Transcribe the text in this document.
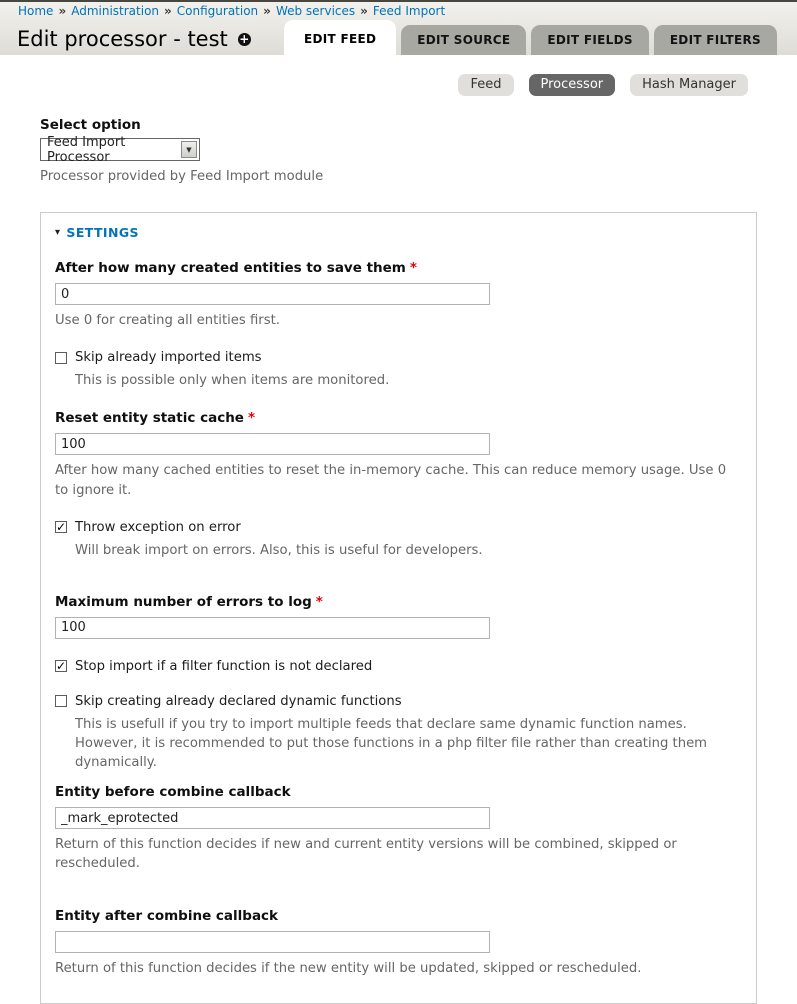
Home » Administration » Configuration » Web services » Feed Import
Edit processor - test +	EDIT FEED	EDIT SOURCE	EDIT FIELDS	EDIT FILTERS
Feed	Processor	Hash Manager
Select option
Feed Import Processor	▼
Processor provided by Feed Import module
▾ SETTINGS
After how many created entities to save them *
0
Use 0 for creating all entities first.
Skip already imported items
This is possible only when items are monitored.
Reset entity static cache *
100
After how many cached entities to reset the in-memory cache. This can reduce memory usage. Use 0 to ignore it.
✓ Throw exception on error
Will break import on errors. Also, this is useful for developers.
Maximum number of errors to log *
100
✓ Stop import if a filter function is not declared
Skip creating already declared dynamic functions
This is usefull if you try to import multiple feeds that declare same dynamic function names. However, it is recommended to put those functions in a php filter file rather than creating them dynamically.
Entity before combine callback
_mark_eprotected
Return of this function decides if new and current entity versions will be combined, skipped or rescheduled.
Entity after combine callback
Return of this function decides if the new entity will be updated, skipped or rescheduled.
